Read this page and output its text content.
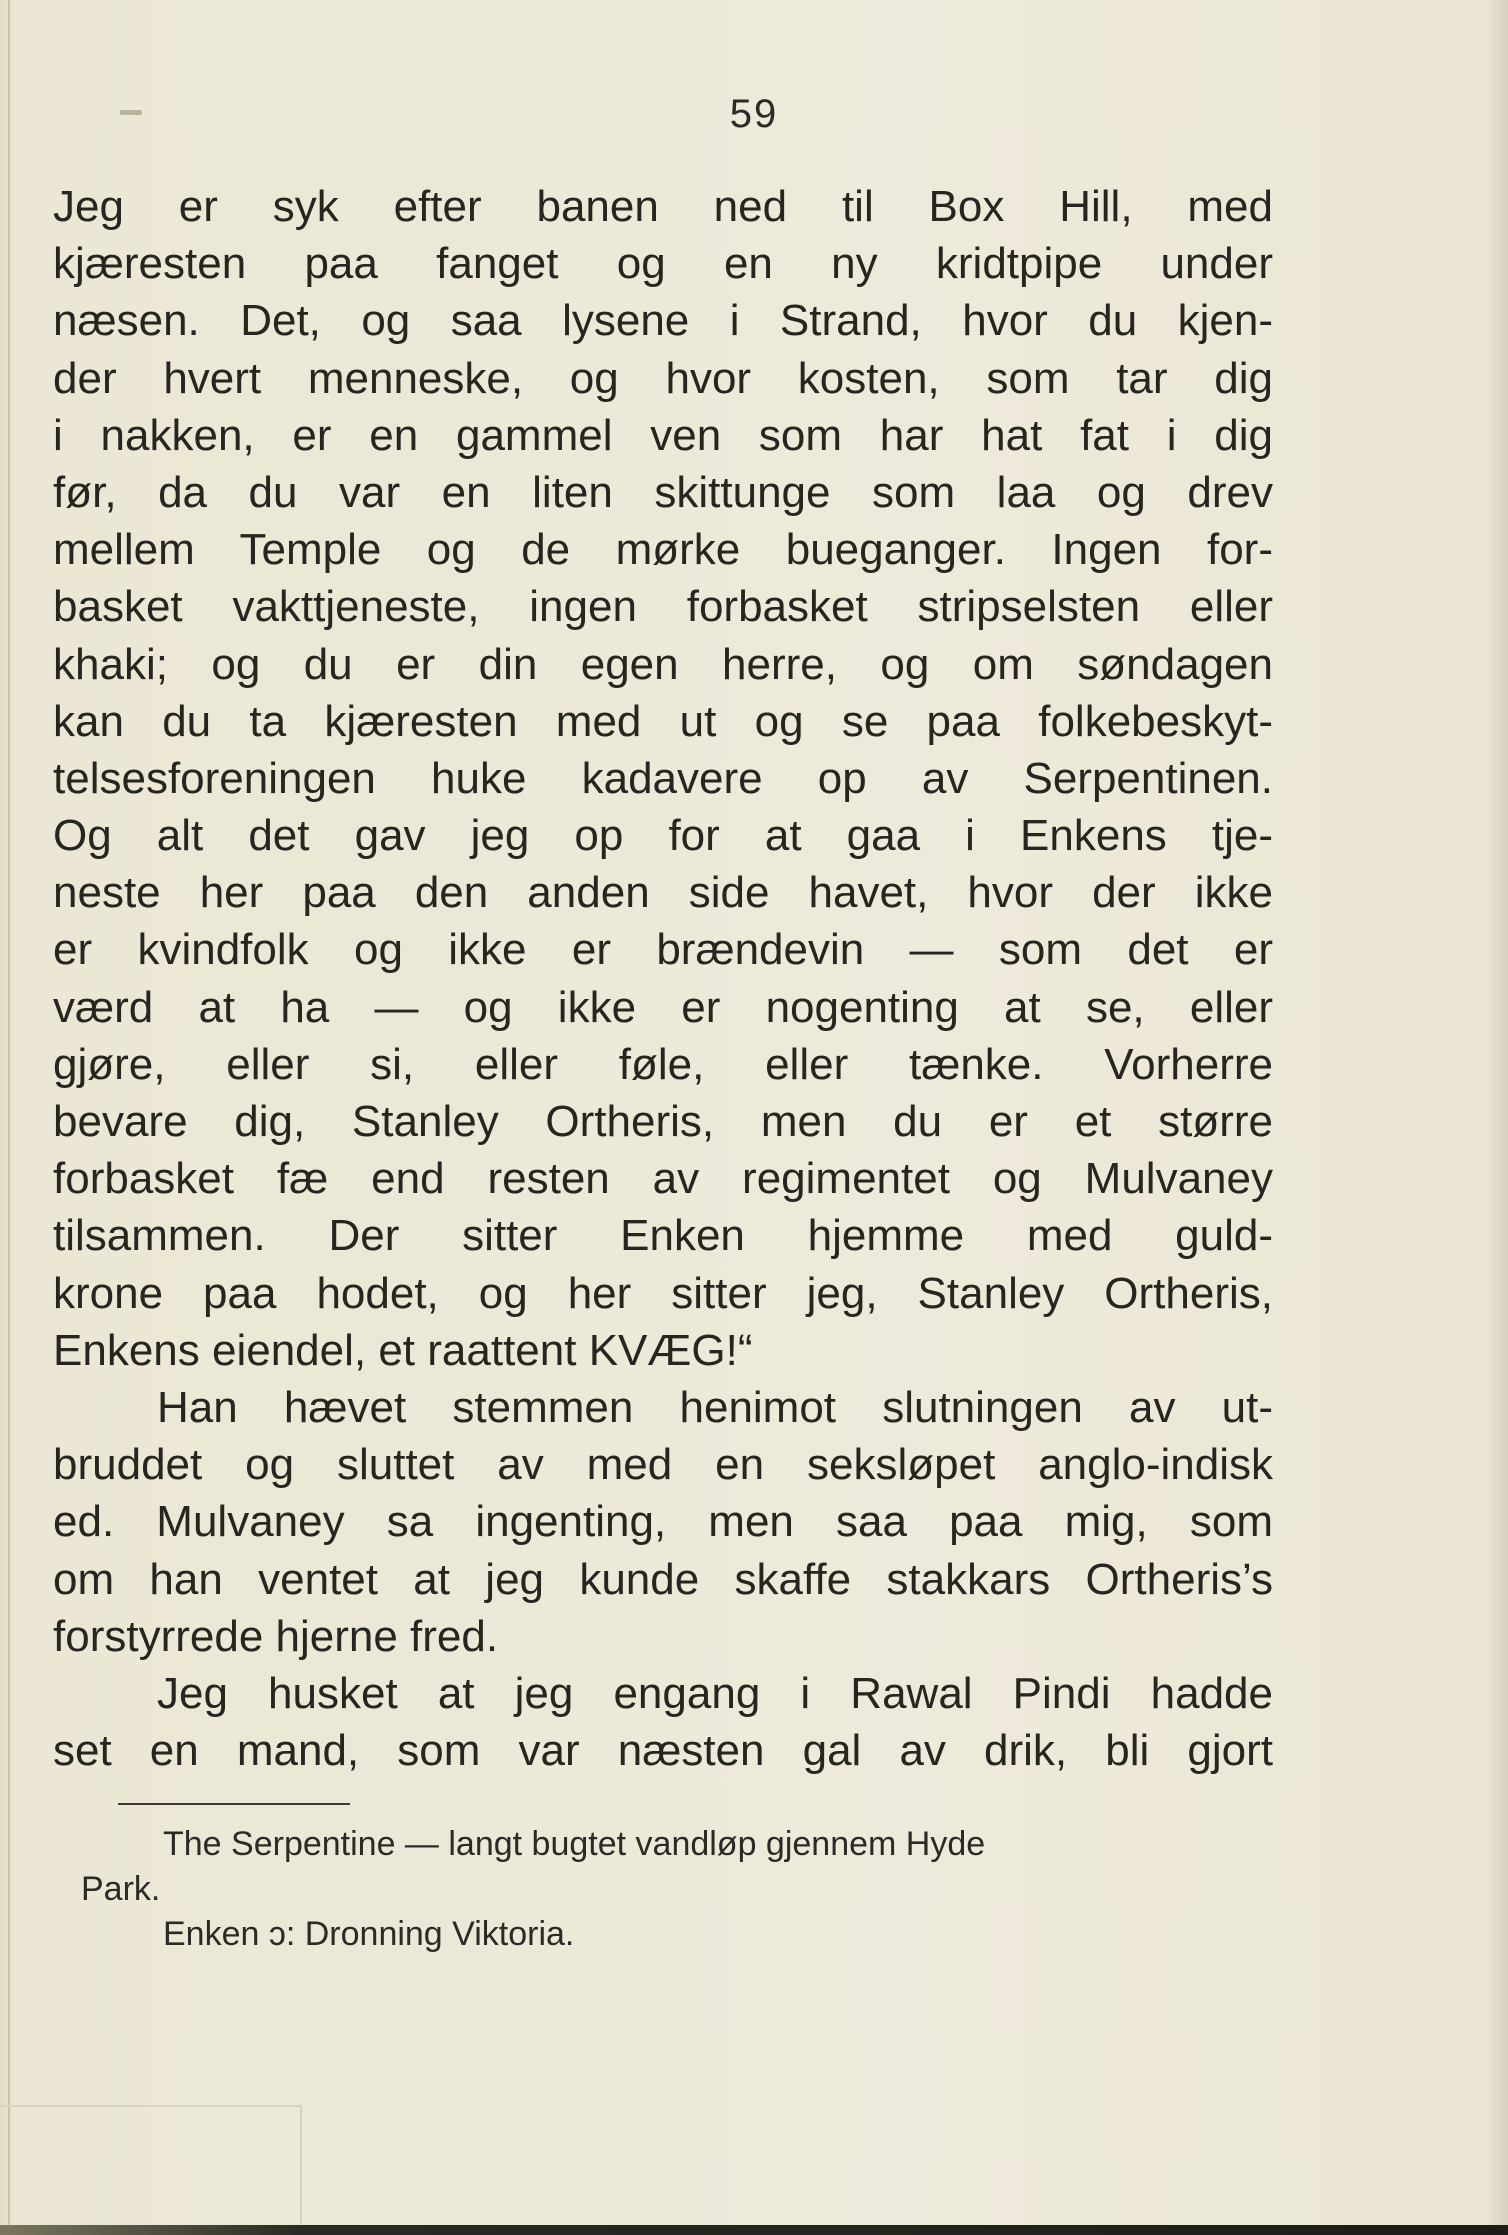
59
Jeg er syk efter banen ned til Box Hill, med
kjæresten paa fanget og en ny kridtpipe under
næsen. Det, og saa lysene i Strand, hvor du kjen-
der hvert menneske, og hvor kosten, som tar dig
i nakken, er en gammel ven som har hat fat i dig
før, da du var en liten skittunge som laa og drev
mellem Temple og de mørke bueganger. Ingen for-
basket vakttjeneste, ingen forbasket stripselsten eller
khaki; og du er din egen herre, og om søndagen
kan du ta kjæresten med ut og se paa folkebeskyt-
telsesforeningen huke kadavere op av Serpentinen.
Og alt det gav jeg op for at gaa i Enkens tje-
neste her paa den anden side havet, hvor der ikke
er kvindfolk og ikke er brændevin — som det er
værd at ha — og ikke er nogenting at se, eller
gjøre, eller si, eller føle, eller tænke. Vorherre
bevare dig, Stanley Ortheris, men du er et større
forbasket fæ end resten av regimentet og Mulvaney
tilsammen. Der sitter Enken hjemme med guld-
krone paa hodet, og her sitter jeg, Stanley Ortheris,
Enkens eiendel, et raattent KVÆG!“
Han hævet stemmen henimot slutningen av ut-
bruddet og sluttet av med en seksløpet anglo-indisk
ed. Mulvaney sa ingenting, men saa paa mig, som
om han ventet at jeg kunde skaffe stakkars Ortheris’s
forstyrrede hjerne fred.
Jeg husket at jeg engang i Rawal Pindi hadde
set en mand, som var næsten gal av drik, bli gjort
The Serpentine — langt bugtet vandløp gjennem Hyde
Park.
Enken ɔ: Dronning Viktoria.
